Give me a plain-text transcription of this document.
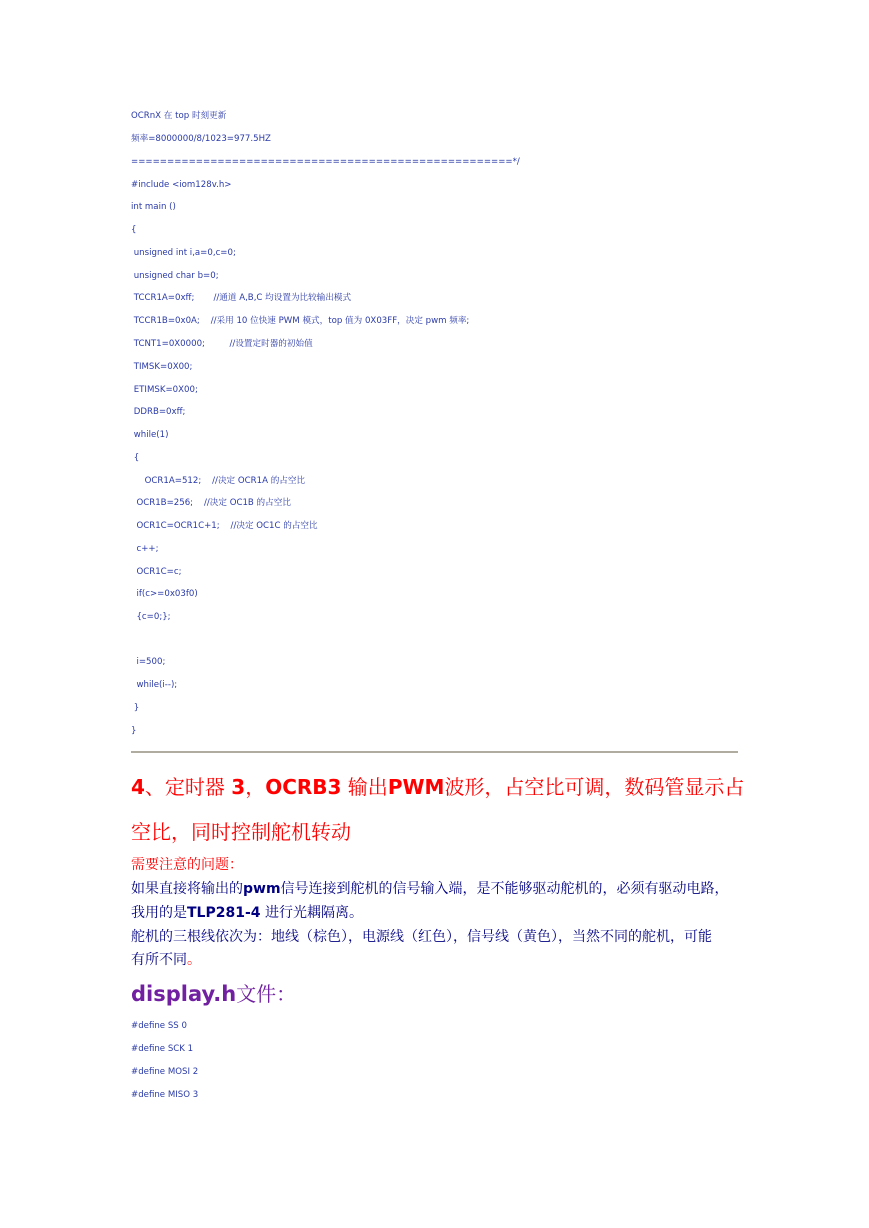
OCRnX 在 top 时刻更新
频率=8000000/8/1023=977.5HZ
=====================================================*/
#include <iom128v.h>
int main ()
{
unsigned int i,a=0,c=0;
unsigned char b=0;
TCCR1A=0xff;       //通道 A,B,C 均设置为比较输出模式
TCCR1B=0x0A;    //采用 10 位快速 PWM 模式，top 值为 0X03FF，决定 pwm 频率;
TCNT1=0X0000;         //设置定时器的初始值
TIMSK=0X00;
ETIMSK=0X00;
DDRB=0xff;
while(1)
{
OCR1A=512;    //决定 OCR1A 的占空比
OCR1B=256;    //决定 OC1B 的占空比
OCR1C=OCR1C+1;    //决定 OC1C 的占空比
c++;
OCR1C=c;
if(c>=0x03f0)
{c=0;};
i=500;
while(i--);
}
}
4、定时器 3，OCRB3 输出PWM波形，占空比可调，数码管显示占
空比，同时控制舵机转动
需要注意的问题：
如果直接将输出的pwm信号连接到舵机的信号输入端，是不能够驱动舵机的，必须有驱动电路，
我用的是TLP281-4 进行光耦隔离。
舵机的三根线依次为：地线（棕色），电源线（红色），信号线（黄色），当然不同的舵机，可能
有所不同。
display.h文件：
#define SS 0
#define SCK 1
#define MOSI 2
#define MISO 3
